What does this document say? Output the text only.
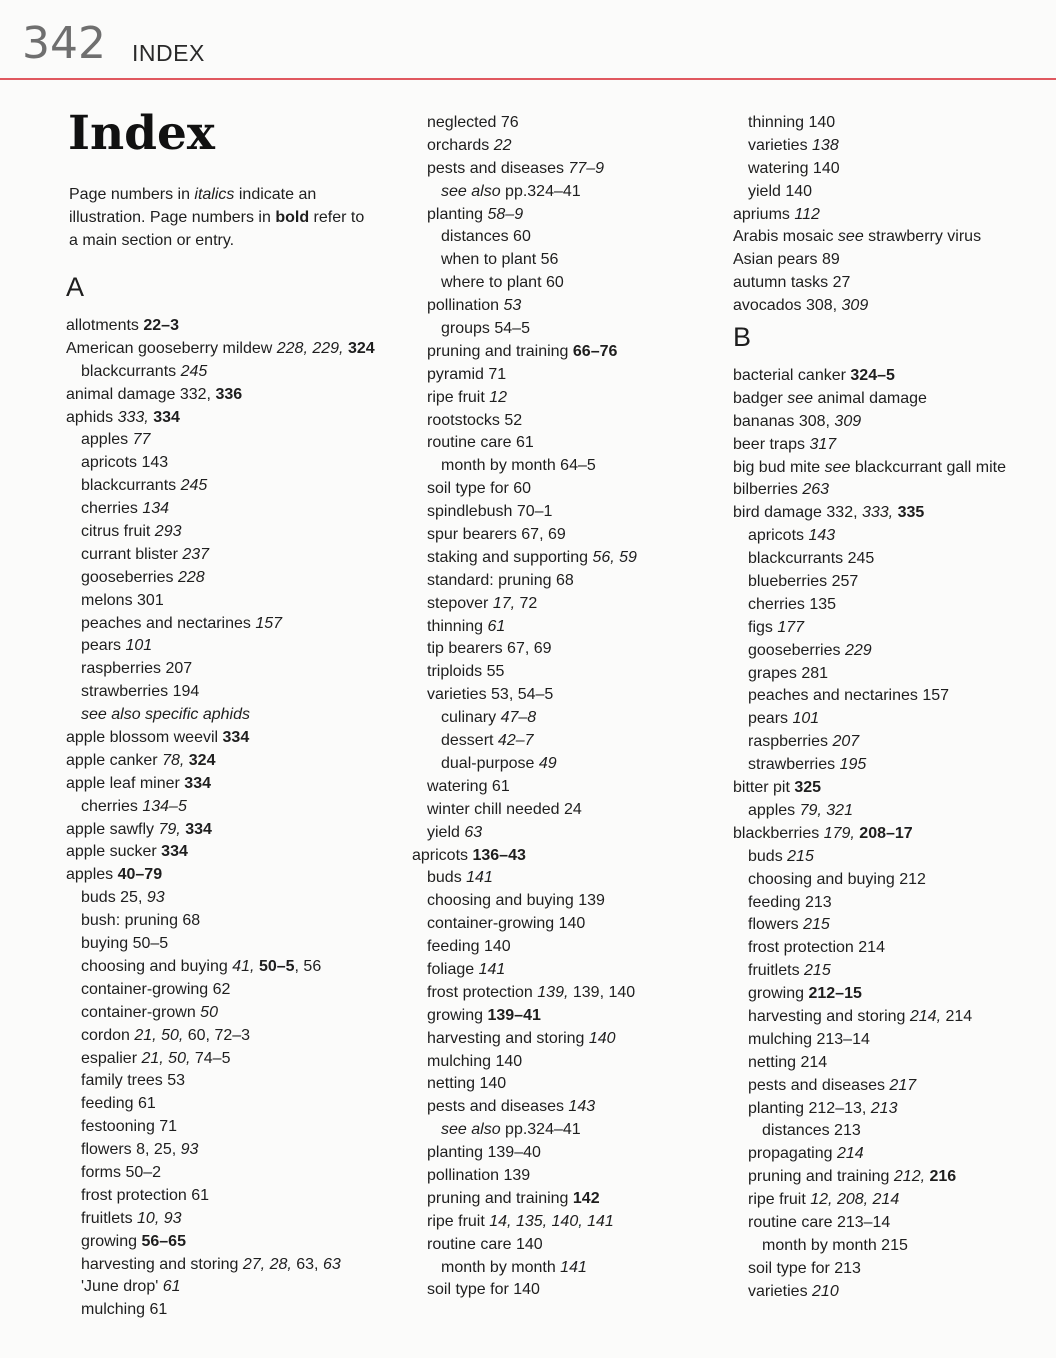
342 INDEX
Index
Page numbers in italics indicate an illustration. Page numbers in bold refer to a main section or entry.
A
allotments 22–3
American gooseberry mildew 228, 229, 324
blackcurrants 245
animal damage 332, 336
aphids 333, 334
apples 77
apricots 143
blackcurrants 245
cherries 134
citrus fruit 293
currant blister 237
gooseberries 228
melons 301
peaches and nectarines 157
pears 101
raspberries 207
strawberries 194
see also specific aphids
apple blossom weevil 334
apple canker 78, 324
apple leaf miner 334
cherries 134–5
apple sawfly 79, 334
apple sucker 334
apples 40–79
buds 25, 93
bush: pruning 68
buying 50–5
choosing and buying 41, 50–5, 56
container-growing 62
container-grown 50
cordon 21, 50, 60, 72–3
espalier 21, 50, 74–5
family trees 53
feeding 61
festooning 71
flowers 8, 25, 93
forms 50–2
frost protection 61
fruitlets 10, 93
growing 56–65
harvesting and storing 27, 28, 63, 63
'June drop' 61
mulching 61
neglected 76
orchards 22
pests and diseases 77–9
see also pp.324–41
planting 58–9
distances 60
when to plant 56
where to plant 60
pollination 53
groups 54–5
pruning and training 66–76
pyramid 71
ripe fruit 12
rootstocks 52
routine care 61
month by month 64–5
soil type for 60
spindlebush 70–1
spur bearers 67, 69
staking and supporting 56, 59
standard: pruning 68
stepover 17, 72
thinning 61
tip bearers 67, 69
triploids 55
varieties 53, 54–5
culinary 47–8
dessert 42–7
dual-purpose 49
watering 61
winter chill needed 24
yield 63
apricots 136–43
buds 141
choosing and buying 139
container-growing 140
feeding 140
foliage 141
frost protection 139, 139, 140
growing 139–41
harvesting and storing 140
mulching 140
netting 140
pests and diseases 143
see also pp.324–41
planting 139–40
pollination 139
pruning and training 142
ripe fruit 14, 135, 140, 141
routine care 140
month by month 141
soil type for 140
thinning 140
varieties 138
watering 140
yield 140
apriums 112
Arabis mosaic see strawberry virus
Asian pears 89
autumn tasks 27
avocados 308, 309
B
bacterial canker 324–5
badger see animal damage
bananas 308, 309
beer traps 317
big bud mite see blackcurrant gall mite
bilberries 263
bird damage 332, 333, 335
apricots 143
blackcurrants 245
blueberries 257
cherries 135
figs 177
gooseberries 229
grapes 281
peaches and nectarines 157
pears 101
raspberries 207
strawberries 195
bitter pit 325
apples 79, 321
blackberries 179, 208–17
buds 215
choosing and buying 212
feeding 213
flowers 215
frost protection 214
fruitlets 215
growing 212–15
harvesting and storing 214, 214
mulching 213–14
netting 214
pests and diseases 217
planting 212–13, 213
distances 213
propagating 214
pruning and training 212, 216
ripe fruit 12, 208, 214
routine care 213–14
month by month 215
soil type for 213
varieties 210
